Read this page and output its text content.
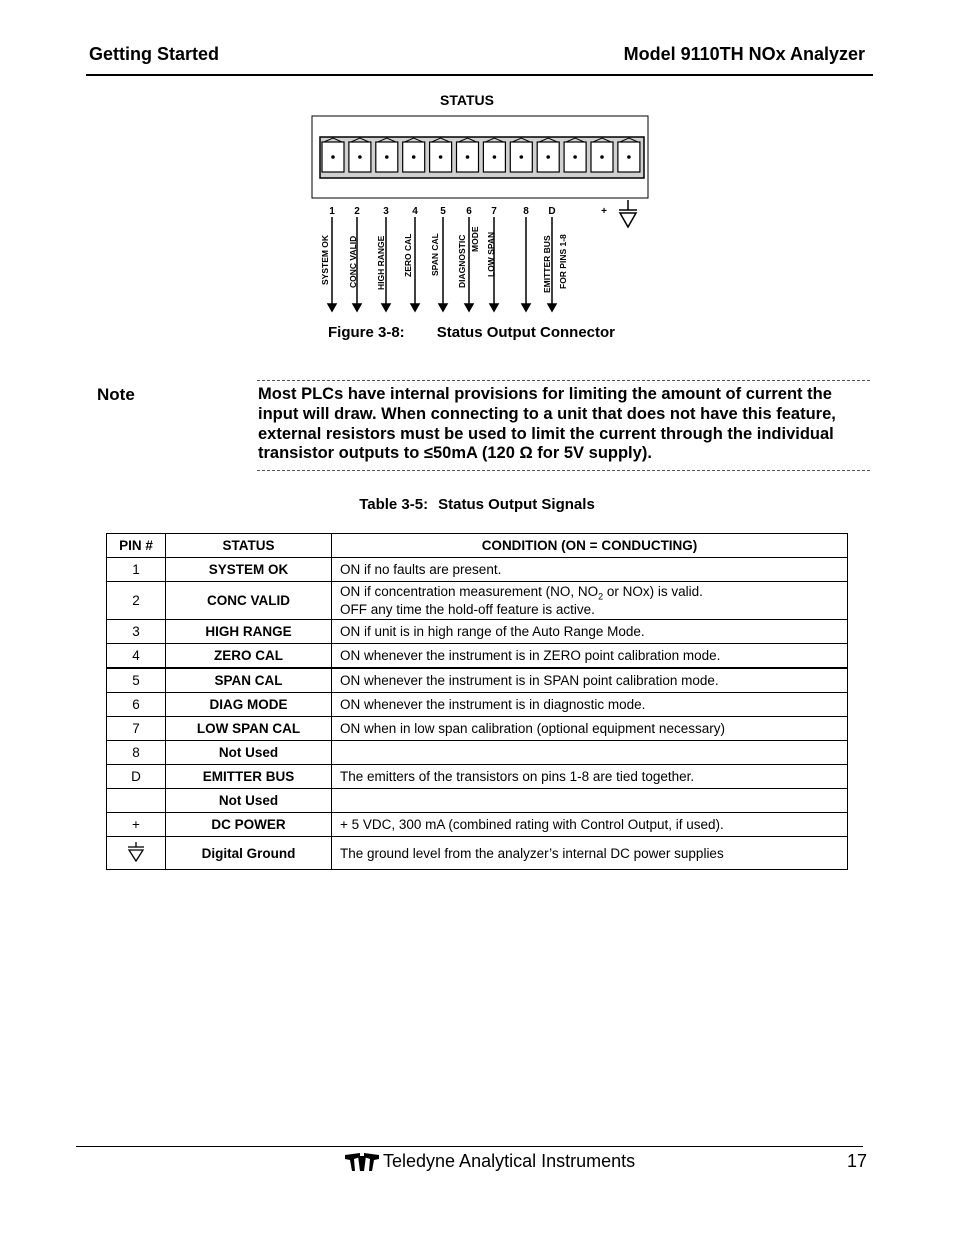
Getting Started	Model 9110TH NOx Analyzer
STATUS
1 2 3 4 5 6 7	8 D	+
SYSTEM OK CONC VALID HIGH RANGE ZERO CAL SPAN CAL DIAGNOSTIC MODE LOW SPAN	EMITTER BUS FOR PINS 1-8
Figure 3-8: Status Output Connector
Note	Most PLCs have internal provisions for limiting the amount of current the input will draw. When connecting to a unit that does not have this feature, external resistors must be used to limit the current through the individual transistor outputs to ≤50mA (120 Ω for 5V supply).
Table 3-5: Status Output Signals
PIN #	STATUS	CONDITION (ON = CONDUCTING)
1	SYSTEM OK	ON if no faults are present.
2	CONC VALID	ON if concentration measurement (NO, $NO_2$ or NOx) is valid.
OFF any time the hold-off feature is active.
3	HIGH RANGE	ON if unit is in high range of the Auto Range Mode.
4	ZERO CAL	ON whenever the instrument is in ZERO point calibration mode.
5	SPAN CAL	ON whenever the instrument is in SPAN point calibration mode.
6	DIAG MODE	ON whenever the instrument is in diagnostic mode.
7	LOW SPAN CAL	ON when in low span calibration (optional equipment necessary)
8	Not Used	
D	EMITTER BUS	The emitters of the transistors on pins 1-8 are tied together.
	Not Used	
+	DC POWER	+ 5 VDC, 300 mA (combined rating with Control Output, if used).
	Digital Ground	The ground level from the analyzer’s internal DC power supplies
Teledyne Analytical Instruments	17
